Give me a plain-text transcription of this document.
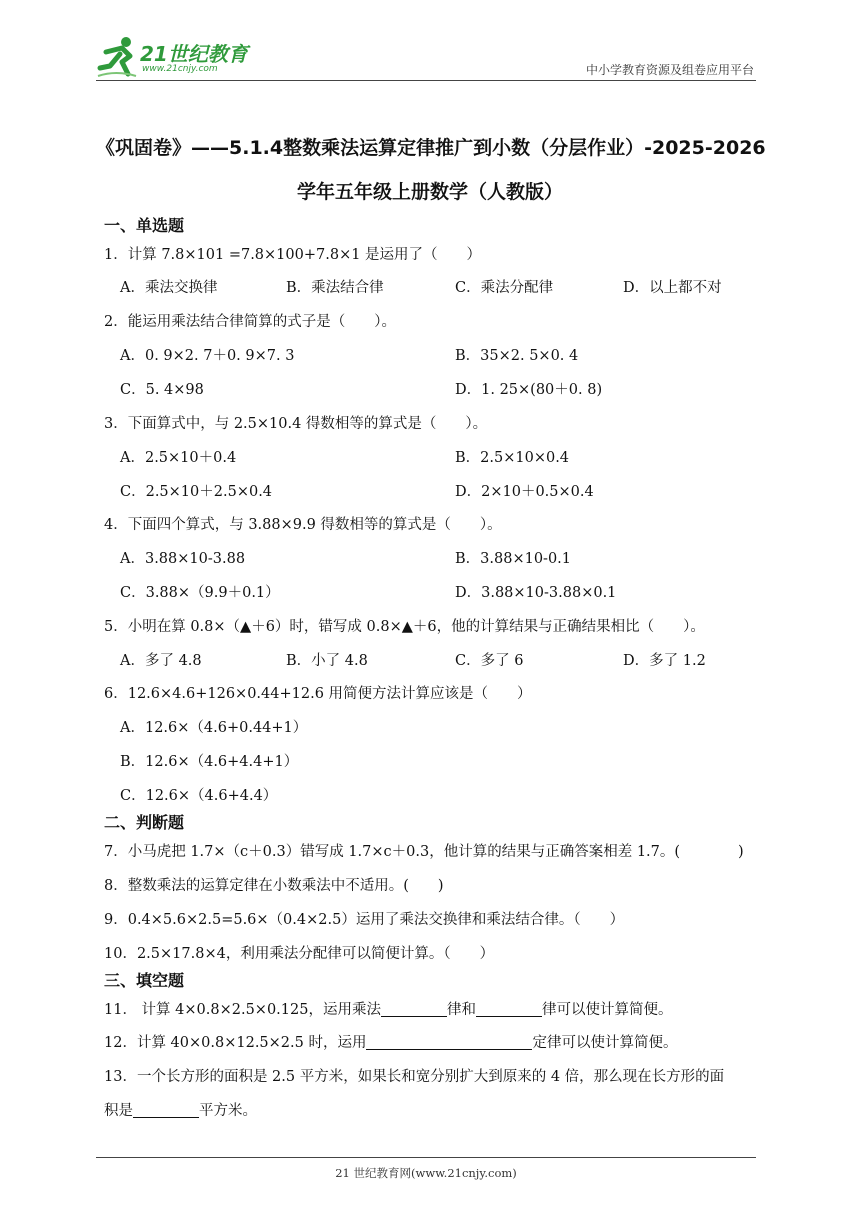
21世纪教育
www.21cnjy.com	中小学教育资源及组卷应用平台
《巩固卷》——5.1.4整数乘法运算定律推广到小数（分层作业）-2025-2026
学年五年级上册数学（人教版）
一、单选题
1．计算 7.8×101 =7.8×100+7.8×1 是运用了（　　）
A．乘法交换律	B．乘法结合律	C．乘法分配律	D．以上都不对
2．能运用乘法结合律简算的式子是（　　）。
A．0. 9×2. 7＋0. 9×7. 3	B．35×2. 5×0. 4
C．5. 4×98	D．1. 25×(80＋0. 8)
3．下面算式中，与 2.5×10.4 得数相等的算式是（　　）。
A．2.5×10＋0.4	B．2.5×10×0.4
C．2.5×10＋2.5×0.4	D．2×10＋0.5×0.4
4．下面四个算式，与 3.88×9.9 得数相等的算式是（　　）。
A．3.88×10-3.88	B．3.88×10-0.1
C．3.88×（9.9＋0.1）	D．3.88×10-3.88×0.1
5．小明在算 0.8×（▲＋6）时，错写成 0.8×▲＋6，他的计算结果与正确结果相比（　　）。
A．多了 4.8	B．小了 4.8	C．多了 6	D．多了 1.2
6．12.6×4.6+126×0.44+12.6 用简便方法计算应该是（　　）
A．12.6×（4.6+0.44+1）
B．12.6×（4.6+4.4+1）
C．12.6×（4.6+4.4）
二、判断题
7．小马虎把 1.7×（c＋0.3）错写成 1.7×c＋0.3，他计算的结果与正确答案相差 1.7。(　　　　)
8．整数乘法的运算定律在小数乘法中不适用。(　　)
9．0.4×5.6×2.5=5.6×（0.4×2.5）运用了乘法交换律和乘法结合律。（　　）
10．2.5×17.8×4，利用乘法分配律可以简便计算。（　　）
三、填空题
11． 计算 4×0.8×2.5×0.125，运用乘法	律和	律可以使计算简便。
12．计算 40×0.8×12.5×2.5 时，运用	定律可以使计算简便。
13．一个长方形的面积是 2.5 平方米，如果长和宽分别扩大到原来的 4 倍，那么现在长方形的面
积是	平方米。
21 世纪教育网(www.21cnjy.com)
